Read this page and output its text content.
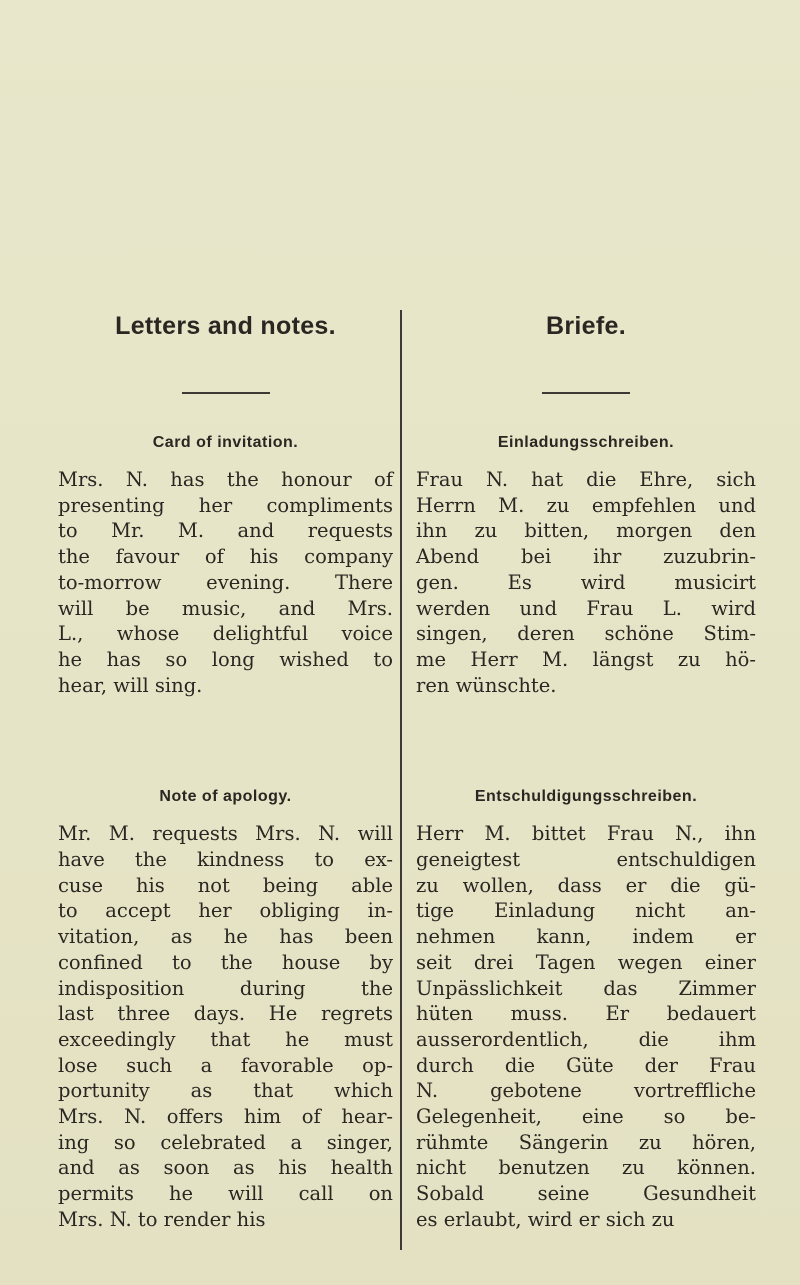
Letters and notes.
Card of invitation.
Mrs. N. has the honour of
presenting her compliments
to Mr. M. and requests
the favour of his company
to-morrow evening. There
will be music, and Mrs.
L., whose delightful voice
he has so long wished to
hear, will sing.
Note of apology.
Mr. M. requests Mrs. N. will
have the kindness to ex-
cuse his not being able
to accept her obliging in-
vitation, as he has been
confined to the house by
indisposition during the
last three days. He regrets
exceedingly that he must
lose such a favorable op-
portunity as that which
Mrs. N. offers him of hear-
ing so celebrated a singer,
and as soon as his health
permits he will call on
Mrs. N. to render his
Briefe.
Einladungsschreiben.
Frau N. hat die Ehre, sich
Herrn M. zu empfehlen und
ihn zu bitten, morgen den
Abend bei ihr zuzubrin-
gen. Es wird musicirt
werden und Frau L. wird
singen, deren schöne Stim-
me Herr M. längst zu hö-
ren wünschte.
Entschuldigungsschreiben.
Herr M. bittet Frau N., ihn
geneigtest entschuldigen
zu wollen, dass er die gü-
tige Einladung nicht an-
nehmen kann, indem er
seit drei Tagen wegen einer
Unpässlichkeit das Zimmer
hüten muss. Er bedauert
ausserordentlich, die ihm
durch die Güte der Frau
N. gebotene vortreffliche
Gelegenheit, eine so be-
rühmte Sängerin zu hören,
nicht benutzen zu können.
Sobald seine Gesundheit
es erlaubt, wird er sich zu
